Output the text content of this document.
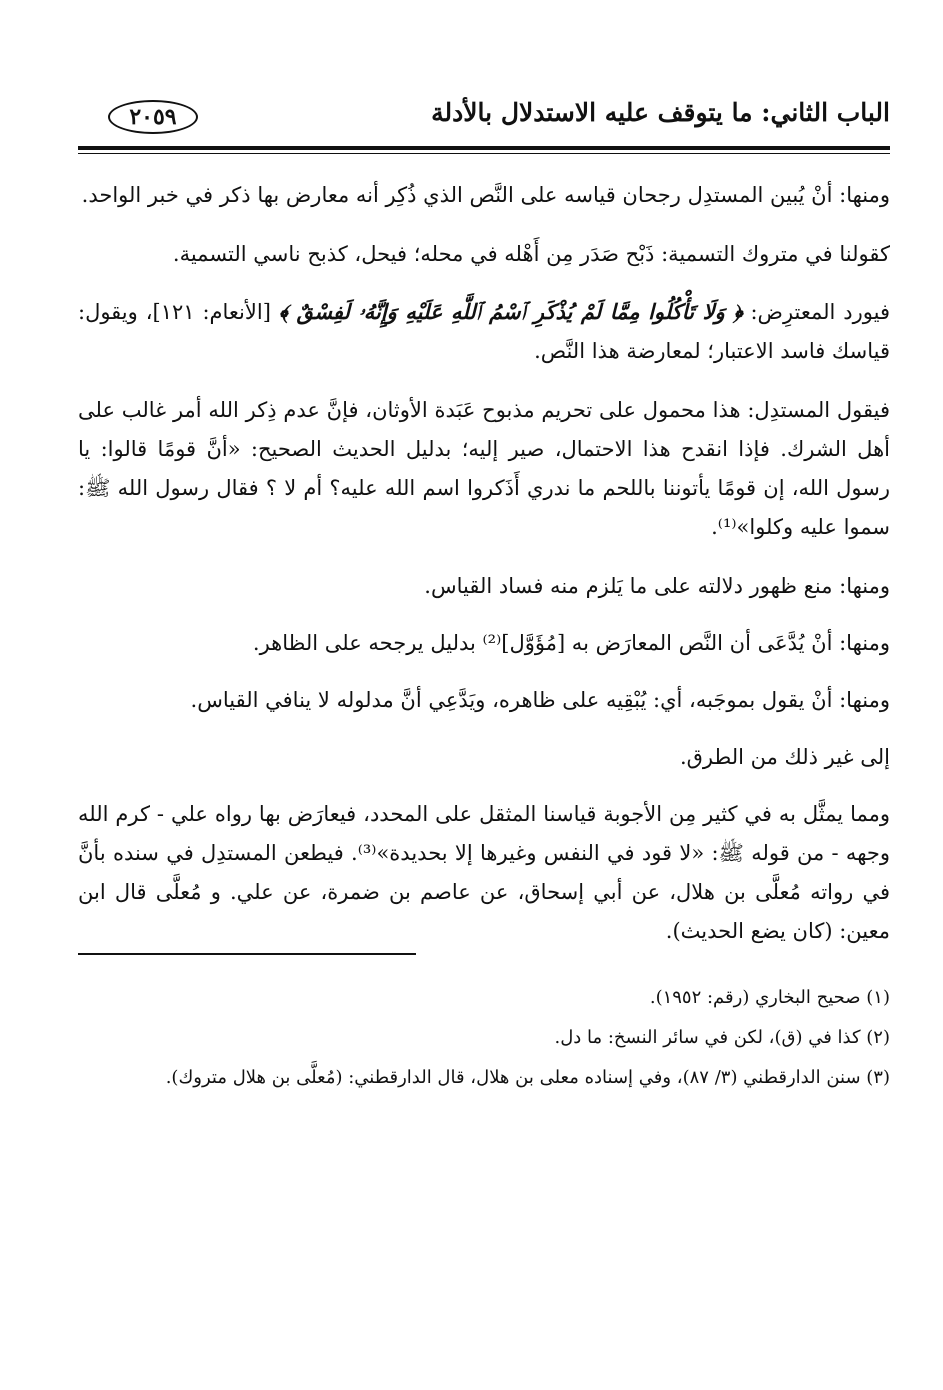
الباب الثاني: ما يتوقف عليه الاستدلال بالأدلة
٢٠٥٩

ومنها: أنْ يُبين المستدِل رجحان قياسه على النَّص الذي ذُكِر أنه معارض بها ذكر في خبر الواحد.

كقولنا في متروك التسمية: ذَبْح صَدَر مِن أَهْله في محله؛ فيحل، كذبح ناسي التسمية.

فيورد المعترِض: ﴿ وَلَا تَأْكُلُوا مِمَّا لَمْ يُذْكَرِ ٱسْمُ ٱللَّهِ عَلَيْهِ وَإِنَّهُۥ لَفِسْقٌ ﴾ [الأنعام: ١٢١]، ويقول: قياسك فاسد الاعتبار؛ لمعارضة هذا النَّص.

فيقول المستدِل: هذا محمول على تحريم مذبوح عَبَدة الأوثان، فإنَّ عدم ذِكر الله أمر غالب على أهل الشرك. فإذا انقدح هذا الاحتمال، صير إليه؛ بدليل الحديث الصحيح: «أنَّ قومًا قالوا: يا رسول الله، إن قومًا يأتوننا باللحم ما ندري أَذَكروا اسم الله عليه؟ أم لا ؟ فقال رسول الله ﷺ: سموا عليه وكلوا»⁽¹⁾.

ومنها: منع ظهور دلالته على ما يَلزم منه فساد القياس.

ومنها: أنْ يُدَّعَى أن النَّص المعارَض به [مُؤَوَّل]⁽²⁾ بدليل يرجحه على الظاهر.

ومنها: أنْ يقول بموجَبه، أي: يُبْقِيه على ظاهره، ويَدَّعِي أنَّ مدلوله لا ينافي القياس.

إلى غير ذلك من الطرق.

ومما يمثَّل به في كثير مِن الأجوبة قياسنا المثقل على المحدد، فيعارَض بها رواه علي - كرم الله وجهه - من قوله ﷺ: «لا قود في النفس وغيرها إلا بحديدة»⁽³⁾. فيطعن المستدِل في سنده بأنَّ في رواته مُعلَّى بن هلال، عن أبي إسحاق، عن عاصم بن ضمرة، عن علي. و مُعلَّى قال ابن معين: (كان يضع الحديث).

(١) صحيح البخاري (رقم: ١٩٥٢).

(٢) كذا في (ق)، لكن في سائر النسخ: ما دل.

(٣) سنن الدارقطني (٣/ ٨٧)، وفي إسناده معلى بن هلال، قال الدارقطني: (مُعلَّى بن هلال متروك).
